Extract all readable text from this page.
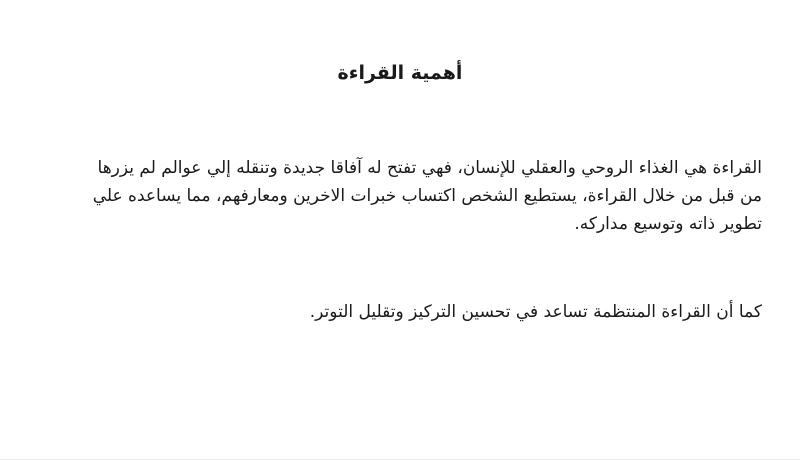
أهمية القراءة

القراءة هي الغذاء الروحي والعقلي للإنسان، فهي تفتح له آفاقا جديدة وتنقله إلي عوالم لم يزرها
من قبل من خلال القراءة، يستطيع الشخص اكتساب خبرات الاخرين ومعارفهم، مما يساعده علي
تطوير ذاته وتوسيع مداركه.

كما أن القراءة المنتظمة تساعد في تحسين التركيز وتقليل التوتر.
